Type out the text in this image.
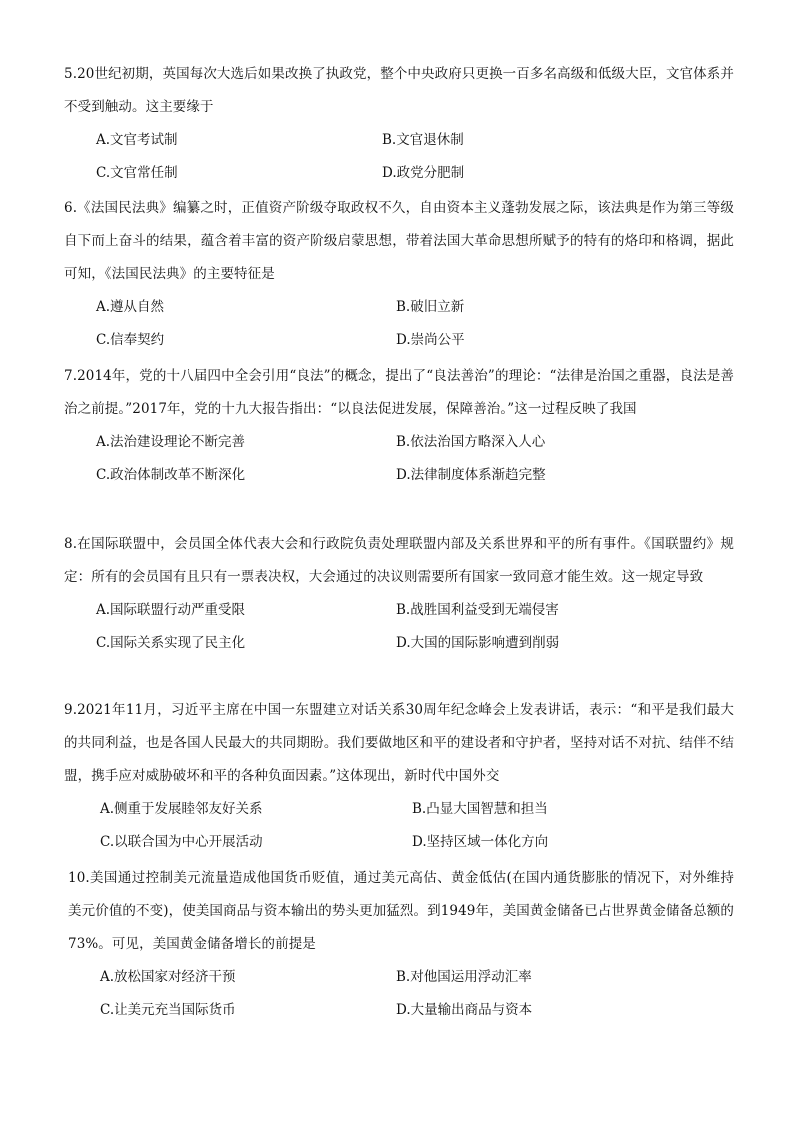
5.20世纪初期，英国每次大选后如果改换了执政党，整个中央政府只更换一百多名高级和低级大臣，文官体系并不受到触动。这主要缘于

A.文官考试制	B.文官退休制
C.文官常任制	D.政党分肥制

6.《法国民法典》编纂之时，正值资产阶级夺取政权不久，自由资本主义蓬勃发展之际，该法典是作为第三等级自下而上奋斗的结果，蕴含着丰富的资产阶级启蒙思想，带着法国大革命思想所赋予的特有的烙印和格调，据此可知，《法国民法典》的主要特征是

A.遵从自然	B.破旧立新
C.信奉契约	D.崇尚公平

7.2014年，党的十八届四中全会引用“良法”的概念，提出了“良法善治”的理论：“法律是治国之重器，良法是善治之前提。”2017年，党的十九大报告指出：“以良法促进发展，保障善治。”这一过程反映了我国

A.法治建设理论不断完善	B.依法治国方略深入人心
C.政治体制改革不断深化	D.法律制度体系渐趋完整

8.在国际联盟中，会员国全体代表大会和行政院负责处理联盟内部及关系世界和平的所有事件。《国联盟约》规定：所有的会员国有且只有一票表决权，大会通过的决议则需要所有国家一致同意才能生效。这一规定导致

A.国际联盟行动严重受限	B.战胜国利益受到无端侵害
C.国际关系实现了民主化	D.大国的国际影响遭到削弱

9.2021年11月，习近平主席在中国一东盟建立对话关系30周年纪念峰会上发表讲话，表示：“和平是我们最大的共同利益，也是各国人民最大的共同期盼。我们要做地区和平的建设者和守护者，坚持对话不对抗、结伴不结盟，携手应对威胁破坏和平的各种负面因素。”这体现出，新时代中国外交

A.侧重于发展睦邻友好关系	B.凸显大国智慧和担当
C.以联合国为中心开展活动	D.坚持区域一体化方向

10.美国通过控制美元流量造成他国货币贬值，通过美元高估、黄金低估(在国内通货膨胀的情况下，对外维持美元价值的不变)，使美国商品与资本输出的势头更加猛烈。到1949年，美国黄金储备已占世界黄金储备总额的73%。可见，美国黄金储备增长的前提是

A.放松国家对经济干预	B.对他国运用浮动汇率
C.让美元充当国际货币	D.大量输出商品与资本
